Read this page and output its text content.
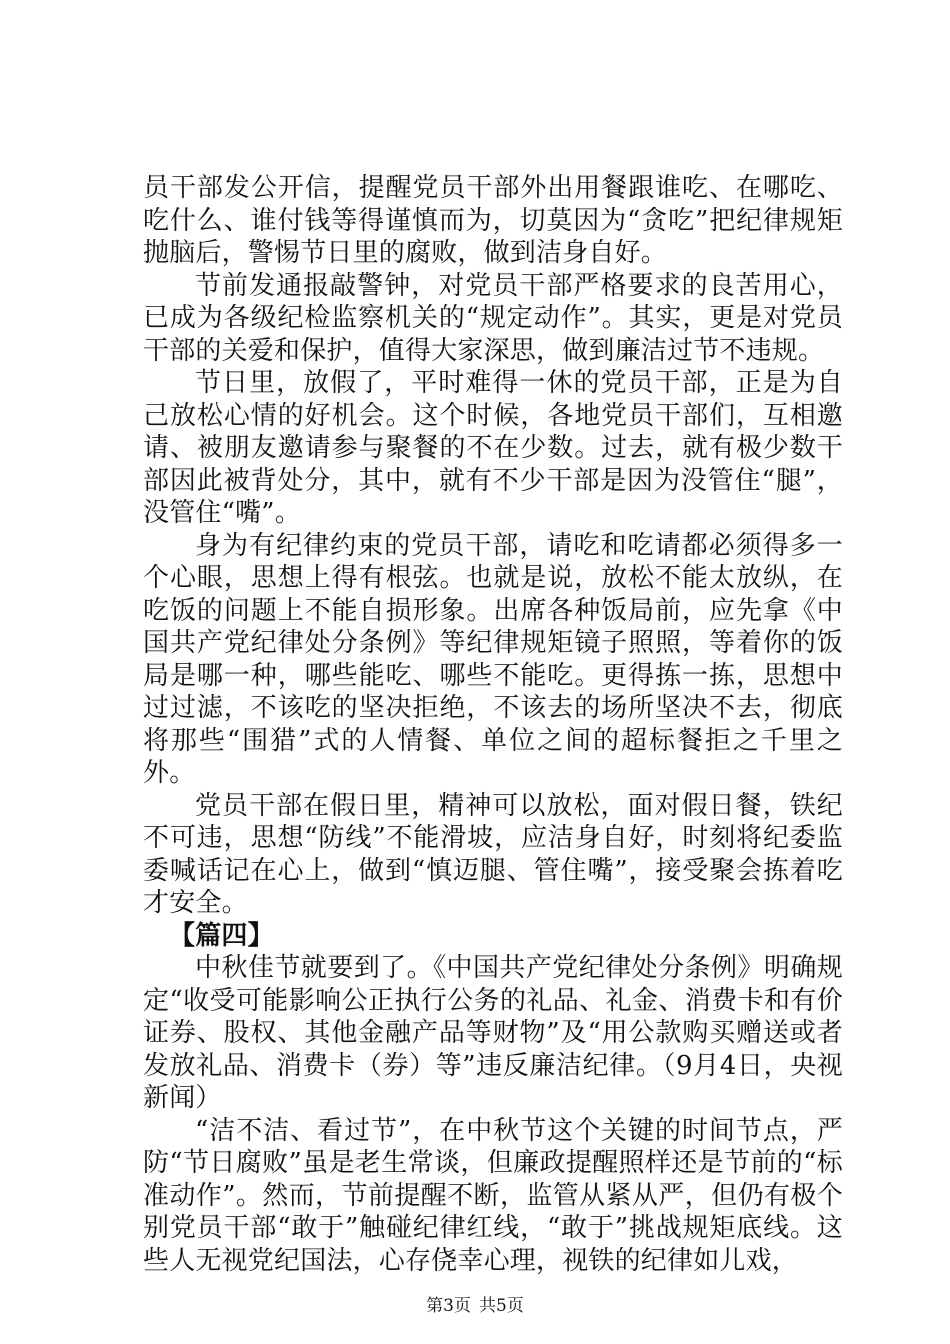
员干部发公开信，提醒党员干部外出用餐跟谁吃、在哪吃、吃什么、谁付钱等得谨慎而为，切莫因为“贪吃”把纪律规矩抛脑后，警惕节日里的腐败，做到洁身自好。

节前发通报敲警钟，对党员干部严格要求的良苦用心，已成为各级纪检监察机关的“规定动作”。其实，更是对党员干部的关爱和保护，值得大家深思，做到廉洁过节不违规。

节日里，放假了，平时难得一休的党员干部，正是为自己放松心情的好机会。这个时候，各地党员干部们，互相邀请、被朋友邀请参与聚餐的不在少数。过去，就有极少数干部因此被背处分，其中，就有不少干部是因为没管住“腿”，没管住“嘴”。

身为有纪律约束的党员干部，请吃和吃请都必须得多一个心眼，思想上得有根弦。也就是说，放松不能太放纵，在吃饭的问题上不能自损形象。出席各种饭局前，应先拿《中国共产党纪律处分条例》等纪律规矩镜子照照，等着你的饭局是哪一种，哪些能吃、哪些不能吃。更得拣一拣，思想中过过滤，不该吃的坚决拒绝，不该去的场所坚决不去，彻底将那些“围猎”式的人情餐、单位之间的超标餐拒之千里之外。

党员干部在假日里，精神可以放松，面对假日餐，铁纪不可违，思想“防线”不能滑坡，应洁身自好，时刻将纪委监委喊话记在心上，做到“慎迈腿、管住嘴”，接受聚会拣着吃才安全。

【篇四】

中秋佳节就要到了。《中国共产党纪律处分条例》明确规定“收受可能影响公正执行公务的礼品、礼金、消费卡和有价证券、股权、其他金融产品等财物”及“用公款购买赠送或者发放礼品、消费卡（券）等”违反廉洁纪律。（9月4日，央视新闻）

“洁不洁、看过节”，在中秋节这个关键的时间节点，严防“节日腐败”虽是老生常谈，但廉政提醒照样还是节前的“标准动作”。然而，节前提醒不断，监管从紧从严，但仍有极个别党员干部“敢于”触碰纪律红线，“敢于”挑战规矩底线。这些人无视党纪国法，心存侥幸心理，视铁的纪律如儿戏，

第3页 共5页
